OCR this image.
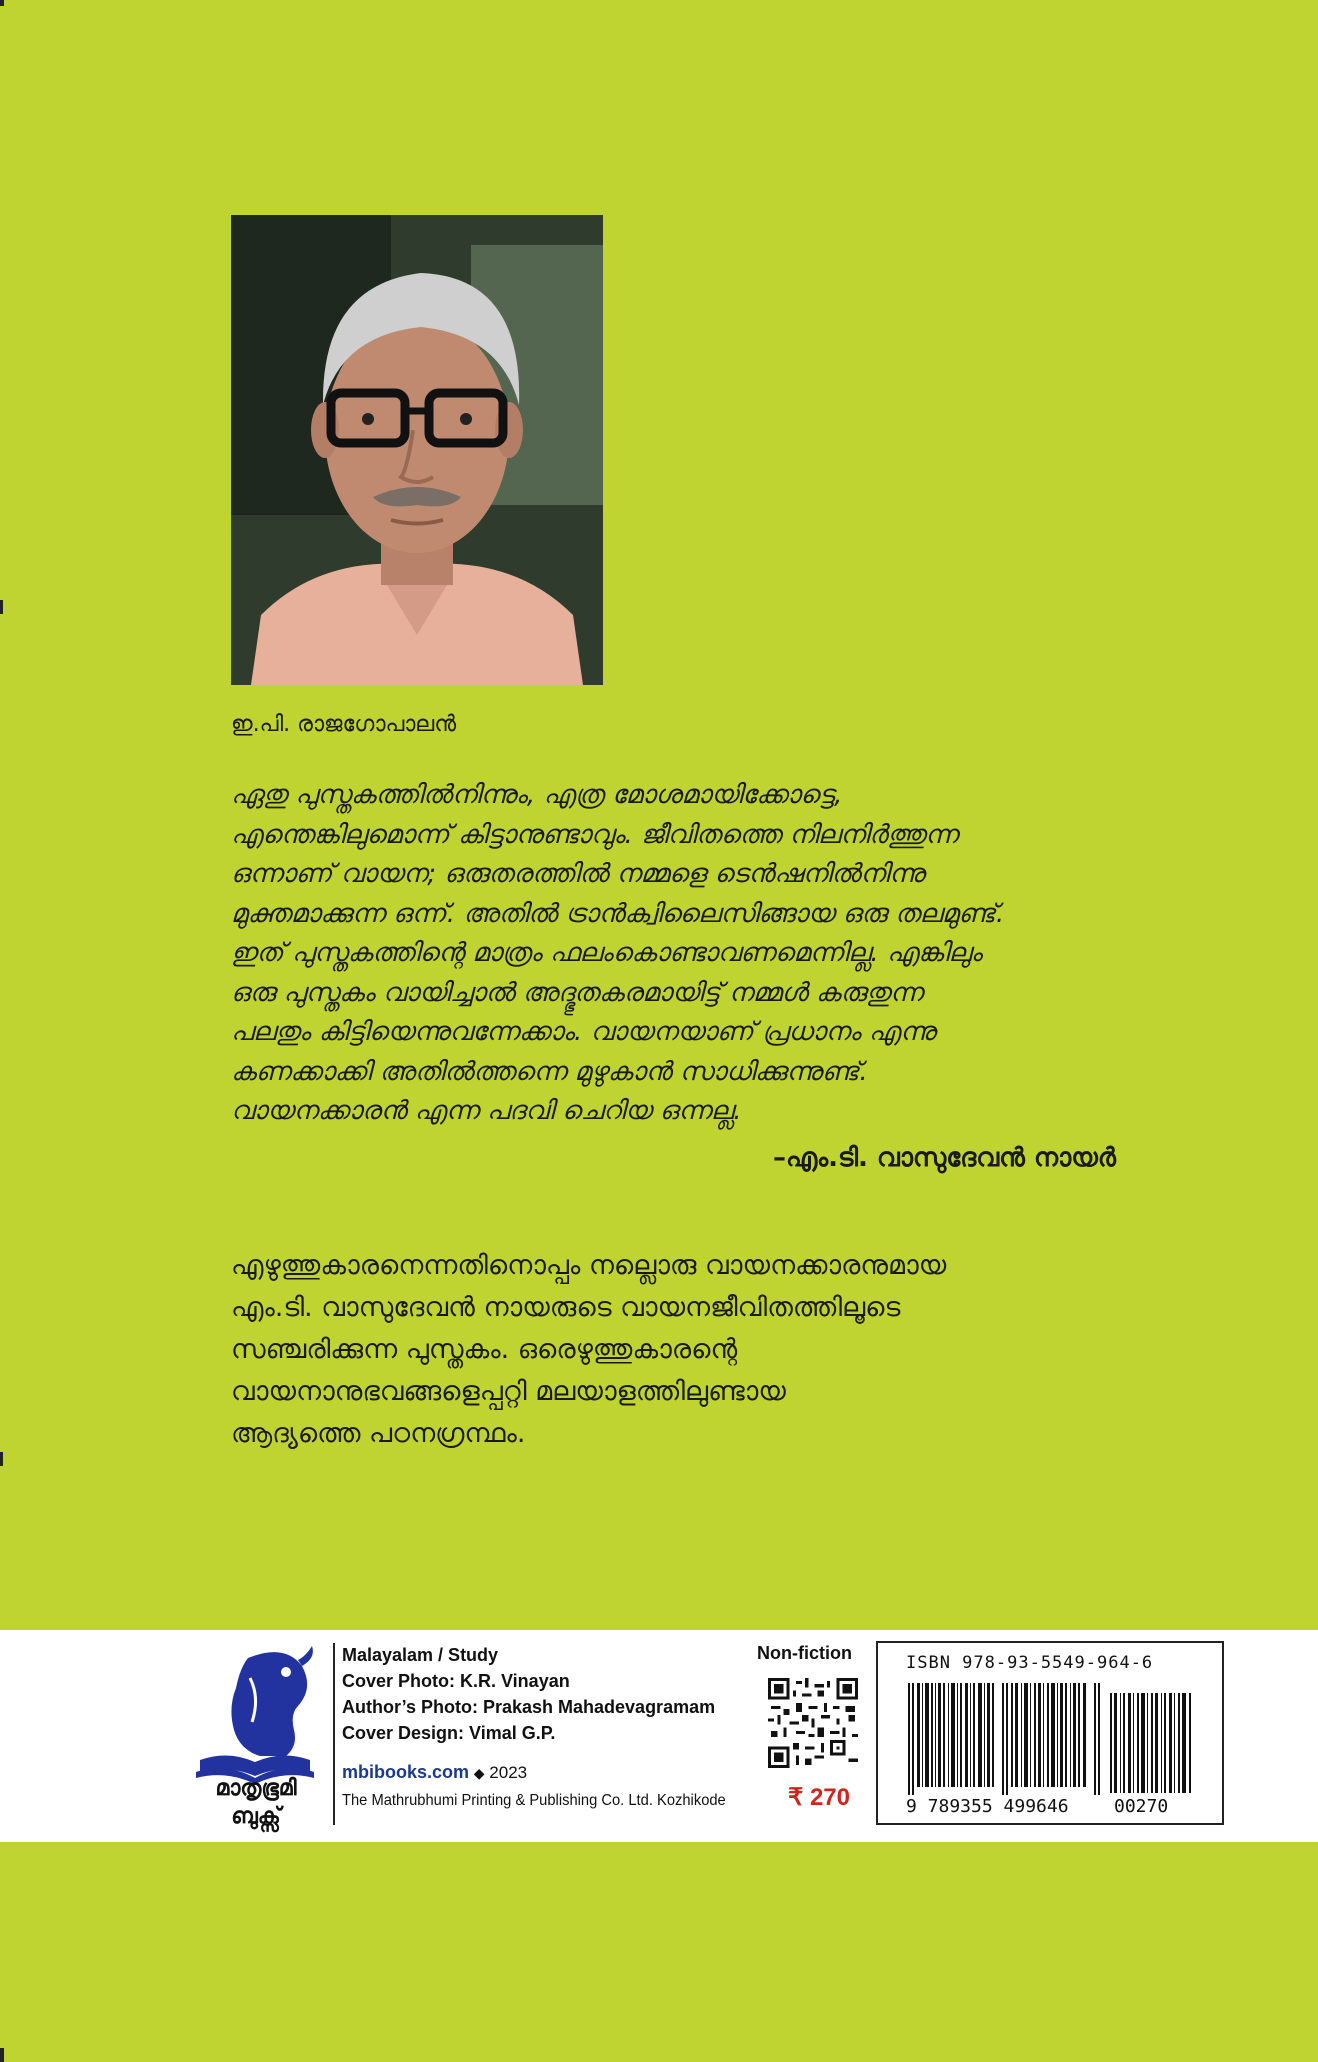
ഇ.പി. രാജഗോപാലൻ
ഏതു പുസ്തകത്തിൽനിന്നും, എത്ര മോശമായിക്കോട്ടെ,
എന്തെങ്കിലുമൊന്ന് കിട്ടാനുണ്ടാവും. ജീവിതത്തെ നിലനിർത്തുന്ന
ഒന്നാണ് വായന; ഒരുതരത്തിൽ നമ്മളെ ടെൻഷനിൽനിന്നു
മുക്തമാക്കുന്ന ഒന്ന്. അതിൽ ട്രാൻക്വിലൈസിങ്ങായ ഒരു തലമുണ്ട്.
ഇത് പുസ്തകത്തിന്റെ മാത്രം ഫലംകൊണ്ടാവണമെന്നില്ല. എങ്കിലും
ഒരു പുസ്തകം വായിച്ചാൽ അദ്ഭുതകരമായിട്ട് നമ്മൾ കരുതുന്ന
പലതും കിട്ടിയെന്നുവന്നേക്കാം. വായനയാണ് പ്രധാനം എന്നു
കണക്കാക്കി അതിൽത്തന്നെ മുഴുകാൻ സാധിക്കുന്നുണ്ട്.
വായനക്കാരൻ എന്ന പദവി ചെറിയ ഒന്നല്ല.
–എം.ടി. വാസുദേവൻ നായർ
എഴുത്തുകാരനെന്നതിനൊപ്പം നല്ലൊരു വായനക്കാരനുമായ
എം.ടി. വാസുദേവൻ നായരുടെ വായനജീവിതത്തിലൂടെ
സഞ്ചരിക്കുന്ന പുസ്തകം. ഒരെഴുത്തുകാരന്റെ
വായനാനുഭവങ്ങളെപ്പറ്റി മലയാളത്തിലുണ്ടായ
ആദ്യത്തെ പഠനഗ്രന്ഥം.
മാതൃഭൂമി
ബുക്സ്
Malayalam / Study
Cover Photo: K.R. Vinayan
Author’s Photo: Prakash Mahadevagramam
Cover Design: Vimal G.P.
mbibooks.com ◆ 2023
The Mathrubhumi Printing & Publishing Co. Ltd. Kozhikode
Non-fiction
₹ 270
ISBN 978-93-5549-964-6
9 789355 499646	00270
